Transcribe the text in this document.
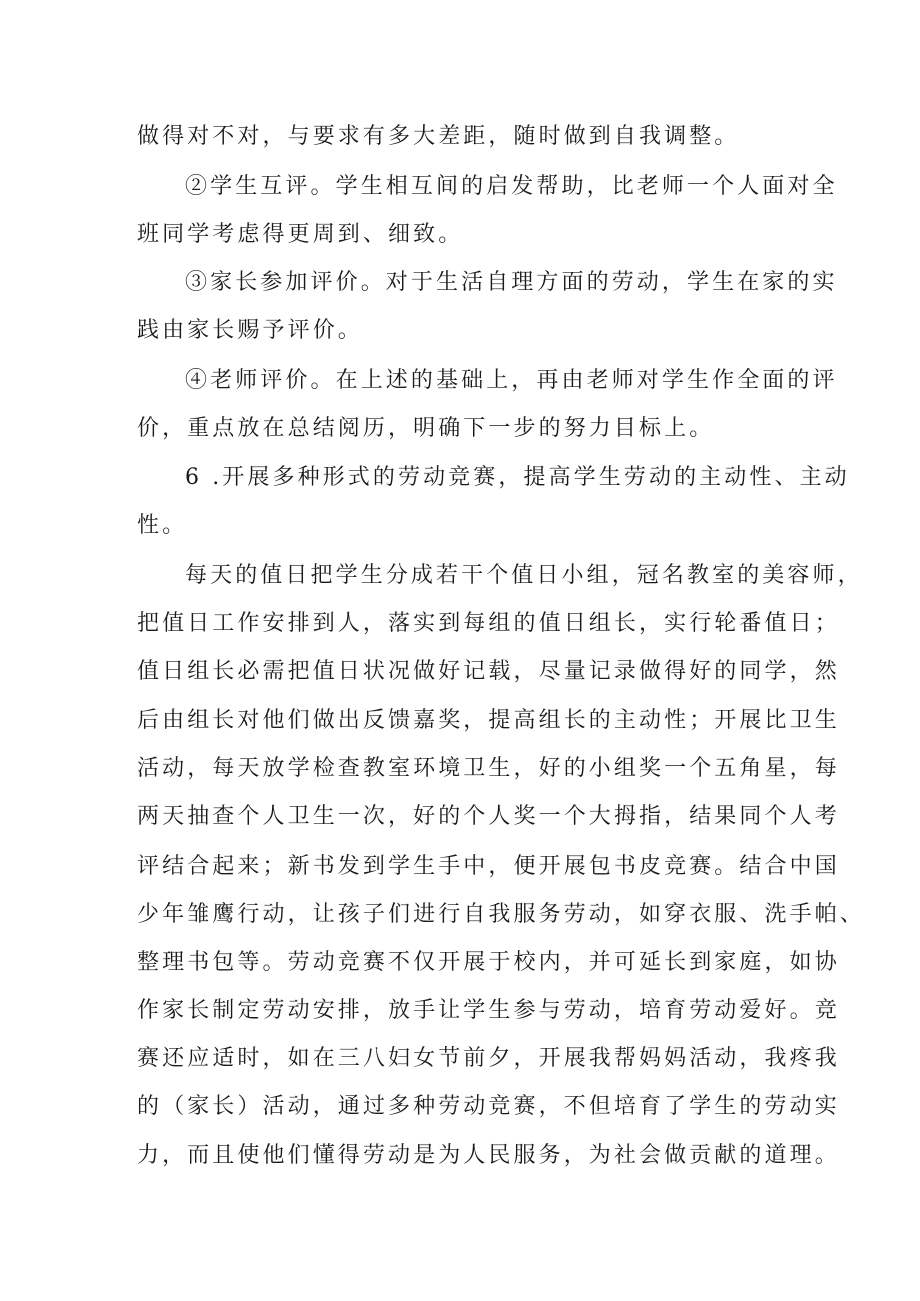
做得对不对，与要求有多大差距，随时做到自我调整。
②学生互评。学生相互间的启发帮助，比老师一个人面对全
班同学考虑得更周到、细致。
③家长参加评价。对于生活自理方面的劳动，学生在家的实
践由家长赐予评价。
④老师评价。在上述的基础上，再由老师对学生作全面的评
价，重点放在总结阅历，明确下一步的努力目标上。
6 .开展多种形式的劳动竞赛，提高学生劳动的主动性、主动
性。
每天的值日把学生分成若干个值日小组，冠名教室的美容师，
把值日工作安排到人，落实到每组的值日组长，实行轮番值日；
值日组长必需把值日状况做好记载，尽量记录做得好的同学，然
后由组长对他们做出反馈嘉奖，提高组长的主动性；开展比卫生
活动，每天放学检查教室环境卫生，好的小组奖一个五角星，每
两天抽查个人卫生一次，好的个人奖一个大拇指，结果同个人考
评结合起来；新书发到学生手中，便开展包书皮竞赛。结合中国
少年雏鹰行动，让孩子们进行自我服务劳动，如穿衣服、洗手帕、
整理书包等。劳动竞赛不仅开展于校内，并可延长到家庭，如协
作家长制定劳动安排，放手让学生参与劳动，培育劳动爱好。竞
赛还应适时，如在三八妇女节前夕，开展我帮妈妈活动，我疼我
的（家长）活动，通过多种劳动竞赛，不但培育了学生的劳动实
力，而且使他们懂得劳动是为人民服务，为社会做贡献的道理。
